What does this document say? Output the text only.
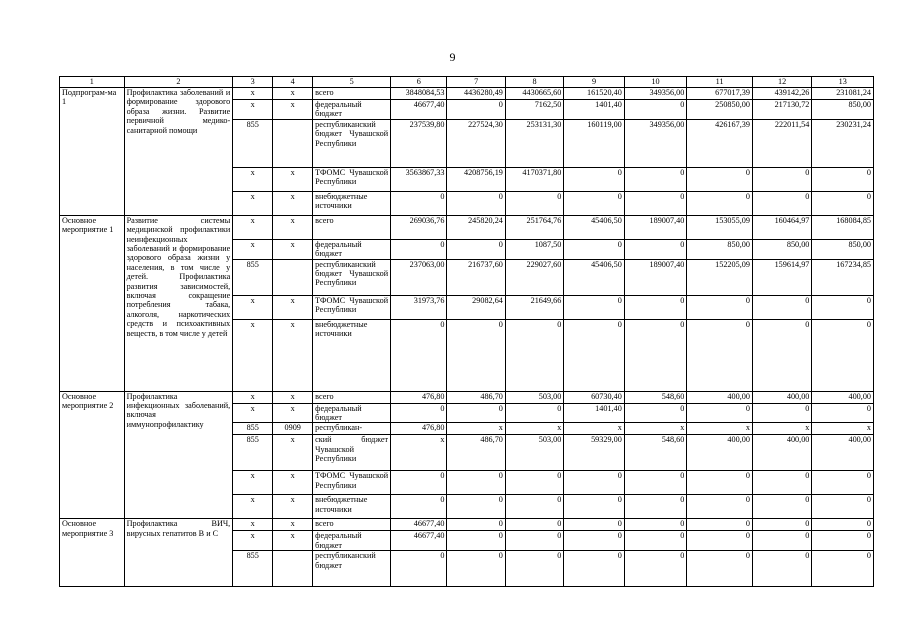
9
1	2	3	4	5	6	7	8	9	10	11	12	13
Подпрограм-ма 1	Профилактика заболеваний и формирование здорового образа жизни. Развитие первичной медико-санитарной помощи	x	x	всего	3848084,53	4436280,49	4430665,60	161520,40	349356,00	677017,39	439142,26	231081,24
		x	x	федеральный бюджет	46677,40	0	7162,50	1401,40	0	250850,00	217130,72	850,00
		855		республиканский бюджет Чувашской Республики	237539,80	227524,30	253131,30	160119,00	349356,00	426167,39	222011,54	230231,24
		x	x	ТФОМС Чувашской Республики	3563867,33	4208756,19	4170371,80	0	0	0	0	0
		x	x	внебюджетные источники	0	0	0	0	0	0	0	0
Основное мероприятие 1	Развитие системы медицинской профилактики неинфекционных заболеваний и формирование здорового образа жизни у населения, в том числе у детей. Профилактика развития зависимостей, включая сокращение потребления табака, алкоголя, наркотических средств и психоактивных веществ, в том числе у детей	x	x	всего	269036,76	245820,24	251764,76	45406,50	189007,40	153055,09	160464,97	168084,85
		x	x	федеральный бюджет	0	0	1087,50	0	0	850,00	850,00	850,00
		855		республиканский бюджет Чувашской Республики	237063,00	216737,60	229027,60	45406,50	189007,40	152205,09	159614,97	167234,85
		x	x	ТФОМС Чувашской Республики	31973,76	29082,64	21649,66	0	0	0	0	0
		x	x	внебюджетные источники	0	0	0	0	0	0	0	0
Основное мероприятие 2	Профилактика инфекционных заболеваний, включая иммунопрофилактику	x	x	всего	476,80	486,70	503,00	60730,40	548,60	400,00	400,00	400,00
		x	x	федеральный бюджет	0	0	0	1401,40	0	0	0	0
		855	0909	республикан-	476,80	x	x	x	x	x	x	x
		855	x	ский бюджет Чувашской Республики	x	486,70	503,00	59329,00	548,60	400,00	400,00	400,00
		x	x	ТФОМС Чувашской Республики	0	0	0	0	0	0	0	0
		x	x	внебюджетные источники	0	0	0	0	0	0	0	0
Основное мероприятие 3	Профилактика ВИЧ, вирусных гепатитов В и С	x	x	всего	46677,40	0	0	0	0	0	0	0
		x	x	федеральный бюджет	46677,40	0	0	0	0	0	0	0
		855		республиканский бюджет	0	0	0	0	0	0	0	0
